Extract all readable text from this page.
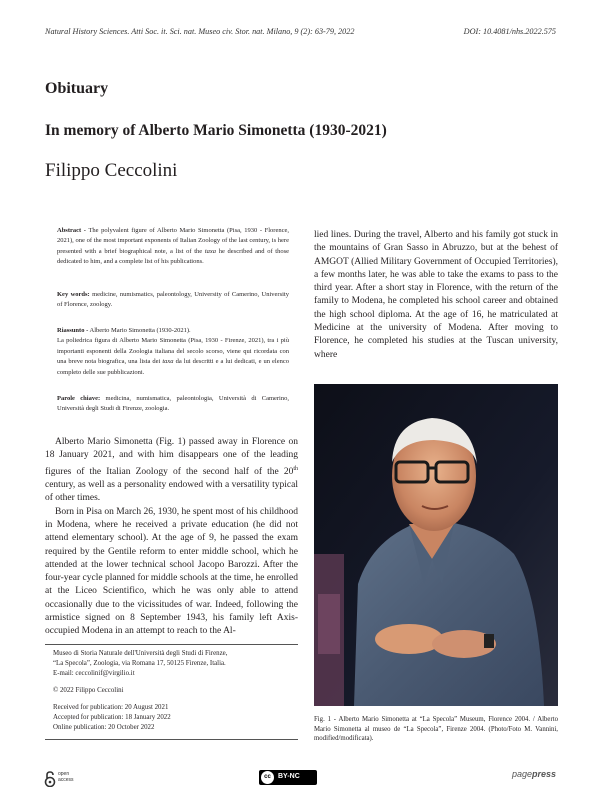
Natural History Sciences. Atti Soc. it. Sci. nat. Museo civ. Stor. nat. Milano, 9 (2): 63-79, 2022	DOI: 10.4081/nhs.2022.575
Obituary
In memory of Alberto Mario Simonetta (1930-2021)
Filippo Ceccolini
Abstract - The polyvalent figure of Alberto Mario Simonetta (Pisa, 1930 - Florence, 2021), one of the most important exponents of Italian Zoology of the last century, is here presented with a brief biographical note, a list of the taxa he described and of those dedicated to him, and a complete list of his publications.
Key words: medicine, numismatics, paleontology, University of Camerino, University of Florence, zoology.
Riassunto - Alberto Mario Simonetta (1930-2021).
La poliedrica figura di Alberto Mario Simonetta (Pisa, 1930 - Firenze, 2021), tra i più importanti esponenti della Zoologia italiana del secolo scorso, viene qui ricordata con una breve nota biografica, una lista dei taxa da lui descritti e a lui dedicati, e un elenco completo delle sue pubblicazioni.
Parole chiave: medicina, numismatica, paleontologia, Università di Camerino, Università degli Studi di Firenze, zoologia.

Alberto Mario Simonetta (Fig. 1) passed away in Florence on 18 January 2021, and with him disappears one of the leading figures of the Italian Zoology of the second half of the 20th century, as well as a personality endowed with a versatility typical of other times.

Born in Pisa on March 26, 1930, he spent most of his childhood in Modena, where he received a private education (he did not attend elementary school). At the age of 9, he passed the exam required by the Gentile reform to enter middle school, which he attended at the lower technical school Jacopo Barozzi. After the four-year cycle planned for middle schools at the time, he enrolled at the Liceo Scientifico, which he was only able to attend occasionally due to the vicissitudes of war. Indeed, following the armistice signed on 8 September 1943, his family left Axis-occupied Modena in an attempt to reach to the Al-

lied lines. During the travel, Alberto and his family got stuck in the mountains of Gran Sasso in Abruzzo, but at the behest of AMGOT (Allied Military Government of Occupied Territories), a few months later, he was able to take the exams to pass to the third year. After a short stay in Florence, with the return of the family to Modena, he completed his school career and obtained the high school diploma. At the age of 16, he matriculated at Medicine at the university of Modena. After moving to Florence, he completed his studies at the Tuscan university, where

Museo di Storia Naturale dell'Università degli Studi di Firenze,
“La Specola”, Zoologia, via Romana 17, 50125 Firenze, Italia.
E-mail: ceccolinif@virgilio.it
© 2022 Filippo Ceccolini
Received for publication: 20 August 2021
Accepted for publication: 18 January 2022
Online publication: 20 October 2022
Fig. 1 - Alberto Mario Simonetta at “La Specola” Museum, Florence 2004. / Alberto Mario Simonetta al museo de “La Specola”, Firenze 2004. (Photo/Foto M. Vannini, modified/modificata).
open access	cc	BY-NC	pagepress
